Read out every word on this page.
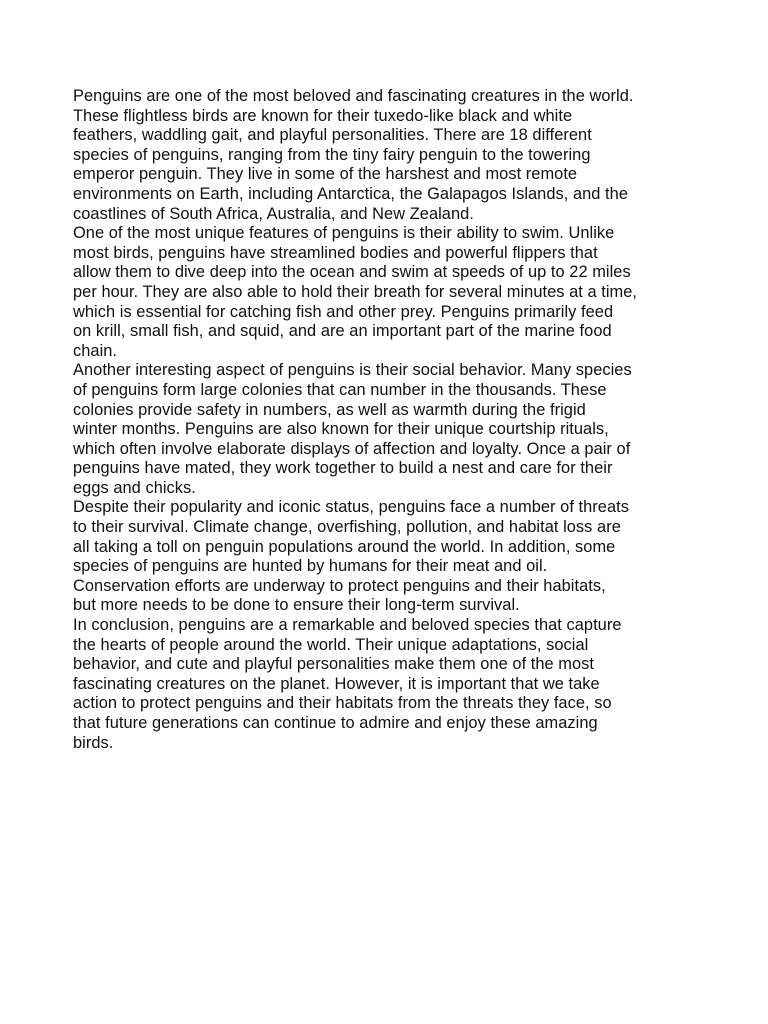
Penguins are one of the most beloved and fascinating creatures in the world.
These flightless birds are known for their tuxedo-like black and white
feathers, waddling gait, and playful personalities. There are 18 different
species of penguins, ranging from the tiny fairy penguin to the towering
emperor penguin. They live in some of the harshest and most remote
environments on Earth, including Antarctica, the Galapagos Islands, and the
coastlines of South Africa, Australia, and New Zealand.
One of the most unique features of penguins is their ability to swim. Unlike
most birds, penguins have streamlined bodies and powerful flippers that
allow them to dive deep into the ocean and swim at speeds of up to 22 miles
per hour. They are also able to hold their breath for several minutes at a time,
which is essential for catching fish and other prey. Penguins primarily feed
on krill, small fish, and squid, and are an important part of the marine food
chain.
Another interesting aspect of penguins is their social behavior. Many species
of penguins form large colonies that can number in the thousands. These
colonies provide safety in numbers, as well as warmth during the frigid
winter months. Penguins are also known for their unique courtship rituals,
which often involve elaborate displays of affection and loyalty. Once a pair of
penguins have mated, they work together to build a nest and care for their
eggs and chicks.
Despite their popularity and iconic status, penguins face a number of threats
to their survival. Climate change, overfishing, pollution, and habitat loss are
all taking a toll on penguin populations around the world. In addition, some
species of penguins are hunted by humans for their meat and oil.
Conservation efforts are underway to protect penguins and their habitats,
but more needs to be done to ensure their long-term survival.
In conclusion, penguins are a remarkable and beloved species that capture
the hearts of people around the world. Their unique adaptations, social
behavior, and cute and playful personalities make them one of the most
fascinating creatures on the planet. However, it is important that we take
action to protect penguins and their habitats from the threats they face, so
that future generations can continue to admire and enjoy these amazing
birds.
